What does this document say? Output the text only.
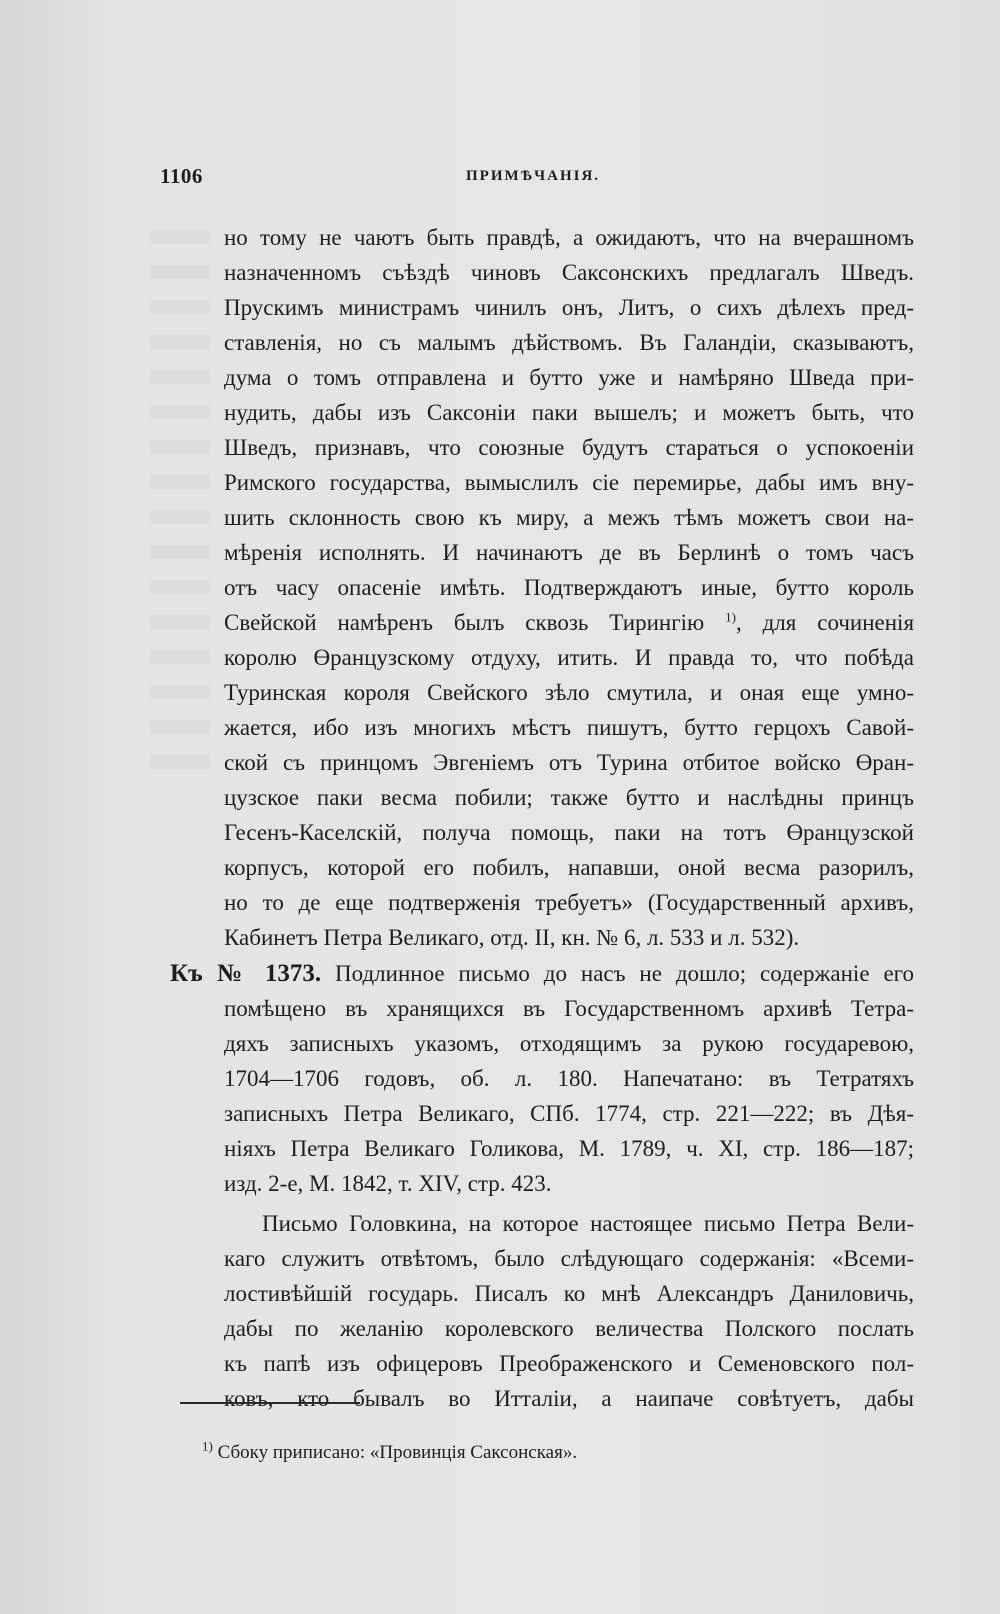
1106	ПРИМѢЧАНІЯ.
но тому не чаютъ быть правдѣ, а ожидаютъ, что на вчерашномъ
назначенномъ съѣздѣ чиновъ Саксонскихъ предлагалъ Шведъ.
Прускимъ министрамъ чинилъ онъ, Литъ, о сихъ дѣлехъ пред-
ставленія, но съ малымъ дѣйствомъ. Въ Галандіи, сказываютъ,
дума о томъ отправлена и бутто уже и намѣряно Шведа при-
нудить, дабы изъ Саксоніи паки вышелъ; и можетъ быть, что
Шведъ, признавъ, что союзные будутъ стараться о успокоеніи
Римского государства, вымыслилъ сіе перемирье, дабы имъ вну-
шить склонность свою къ миру, а межъ тѣмъ можетъ свои на-
мѣренія исполнять. И начинаютъ де въ Берлинѣ о томъ часъ
отъ часу опасеніе имѣть. Подтверждаютъ иные, бутто король
Свейской намѣренъ былъ сквозь Тирингію $^{1)}$, для сочиненія
королю Өранцузскому отдуху, итить. И правда то, что побѣда
Туринская короля Свейского зѣло смутила, и оная еще умно-
жается, ибо изъ многихъ мѣстъ пишутъ, бутто герцохъ Савой-
ской съ принцомъ Эвгеніемъ отъ Турина отбитое войско Өран-
цузское паки весма побили; также бутто и наслѣдны принцъ
Гесенъ-Каселскій, получа помощь, паки на тотъ Өранцузской
корпусъ, которой его побилъ, напавши, оной весма разорилъ,
но то де еще подтверженія требуетъ» (Государственный архивъ,
Кабинетъ Петра Великаго, отд. II, кн. № 6, л. 533 и л. 532).
Къ № 1373. Подлинное письмо до насъ не дошло; содержаніе его
помѣщено въ хранящихся въ Государственномъ архивѣ Тетра-
дяхъ записныхъ указомъ, отходящимъ за рукою государевою,
1704—1706 годовъ, об. л. 180. Напечатано: въ Тетратяхъ
записныхъ Петра Великаго, СПб. 1774, стр. 221—222; въ Дѣя-
ніяхъ Петра Великаго Голикова, М. 1789, ч. XI, стр. 186—187;
изд. 2-е, М. 1842, т. XIV, стр. 423.
Письмо Головкина, на которое настоящее письмо Петра Вели-
каго служитъ отвѣтомъ, было слѣдующаго содержанія: «Всеми-
лостивѣйшій государь. Писалъ ко мнѣ Александръ Даниловичь,
дабы по желанію королевского величества Полского послать
къ папѣ изъ офицеровъ Преображенского и Семеновского пол-
ковъ, кто бывалъ во Итталіи, а наипаче совѣтуетъ, дабы
$^{1)}$ Сбоку приписано: «Провинція Саксонская».
